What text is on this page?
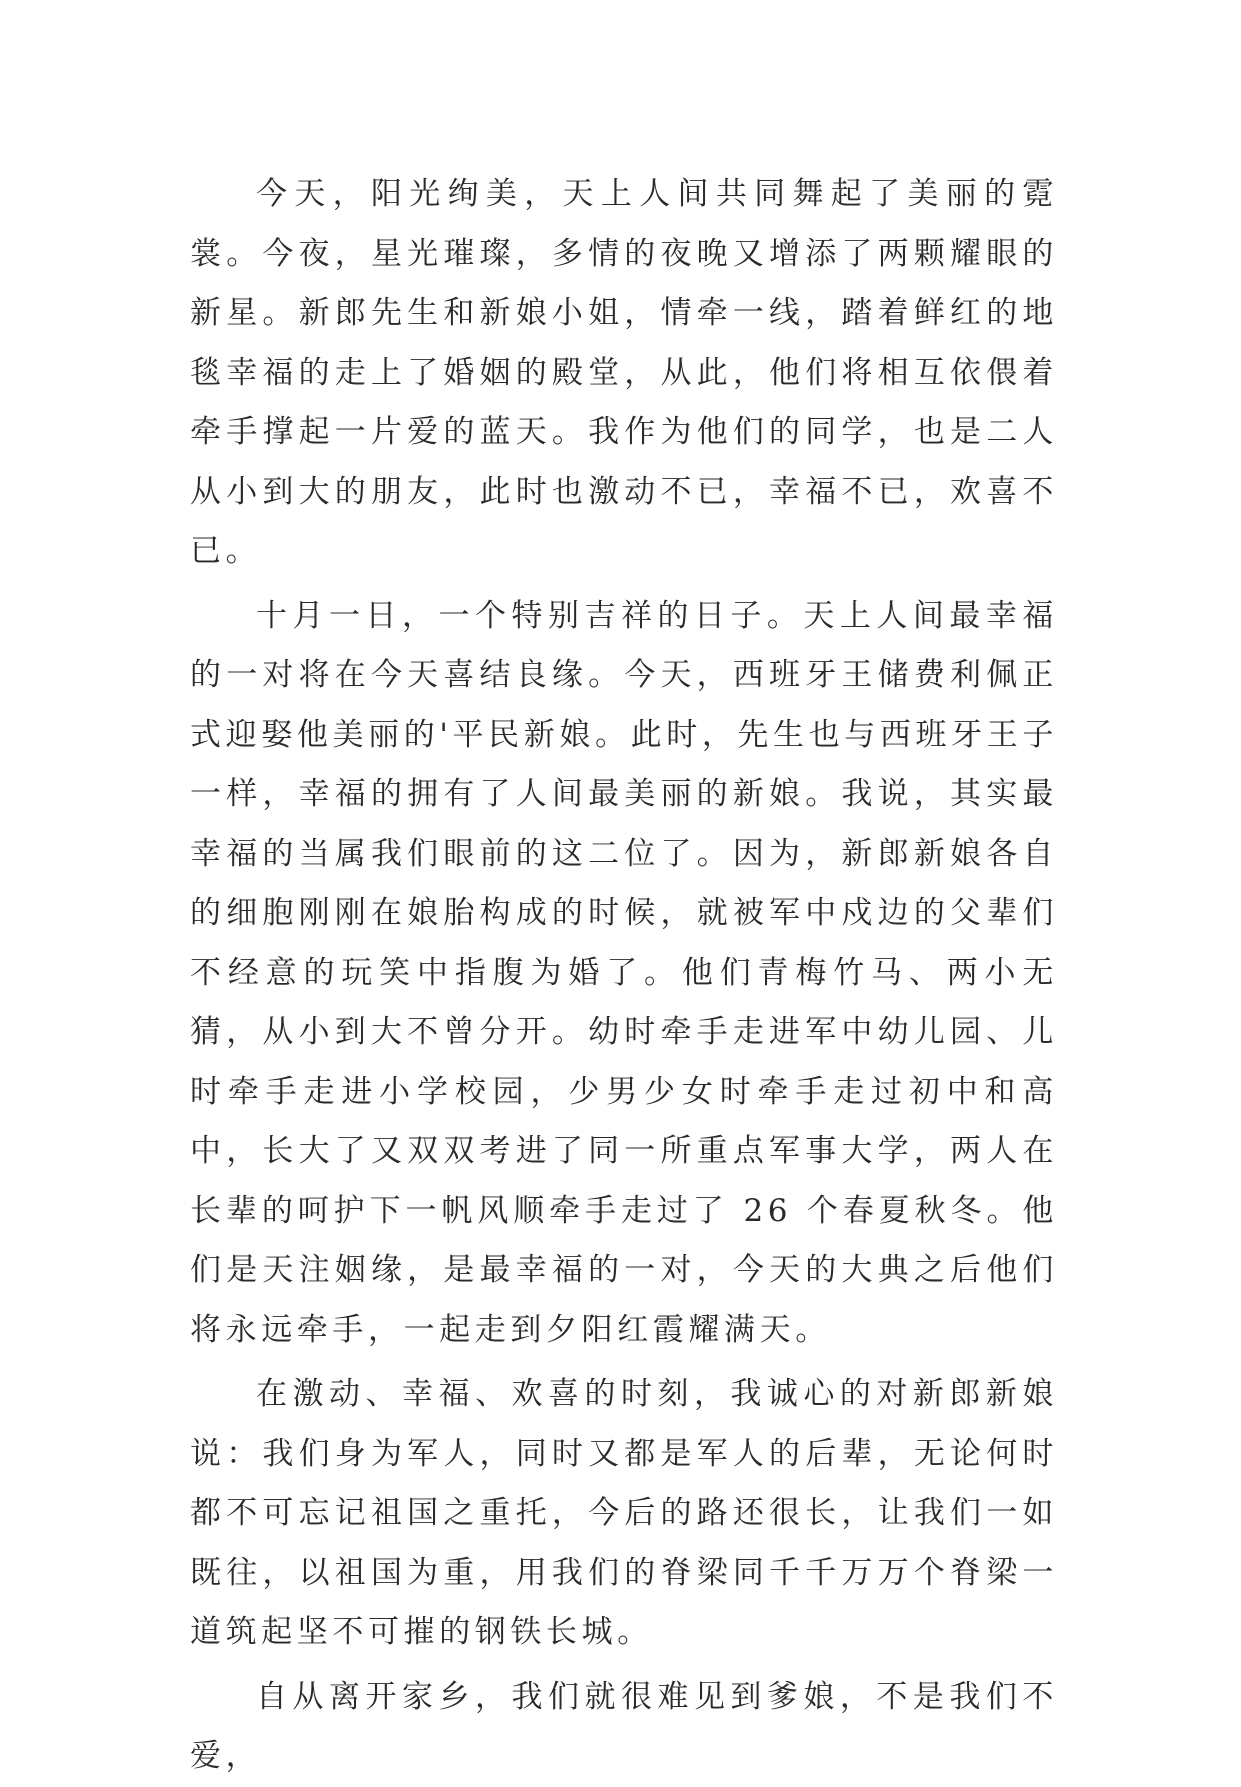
今天，阳光绚美，天上人间共同舞起了美丽的霓裳。今夜，星光璀璨，多情的夜晚又增添了两颗耀眼的新星。新郎先生和新娘小姐，情牵一线，踏着鲜红的地毯幸福的走上了婚姻的殿堂，从此，他们将相互依偎着牵手撑起一片爱的蓝天。我作为他们的同学，也是二人从小到大的朋友，此时也激动不已，幸福不已，欢喜不已。

十月一日，一个特别吉祥的日子。天上人间最幸福的一对将在今天喜结良缘。今天，西班牙王储费利佩正式迎娶他美丽的'平民新娘。此时，先生也与西班牙王子一样，幸福的拥有了人间最美丽的新娘。我说，其实最幸福的当属我们眼前的这二位了。因为，新郎新娘各自的细胞刚刚在娘胎构成的时候，就被军中戍边的父辈们不经意的玩笑中指腹为婚了。他们青梅竹马、两小无猜，从小到大不曾分开。幼时牵手走进军中幼儿园、儿时牵手走进小学校园，少男少女时牵手走过初中和高中，长大了又双双考进了同一所重点军事大学，两人在长辈的呵护下一帆风顺牵手走过了 26 个春夏秋冬。他们是天注姻缘，是最幸福的一对，今天的大典之后他们将永远牵手，一起走到夕阳红霞耀满天。

在激动、幸福、欢喜的时刻，我诚心的对新郎新娘说：我们身为军人，同时又都是军人的后辈，无论何时都不可忘记祖国之重托，今后的路还很长，让我们一如既往，以祖国为重，用我们的脊梁同千千万万个脊梁一道筑起坚不可摧的钢铁长城。

自从离开家乡，我们就很难见到爹娘，不是我们不爱，
